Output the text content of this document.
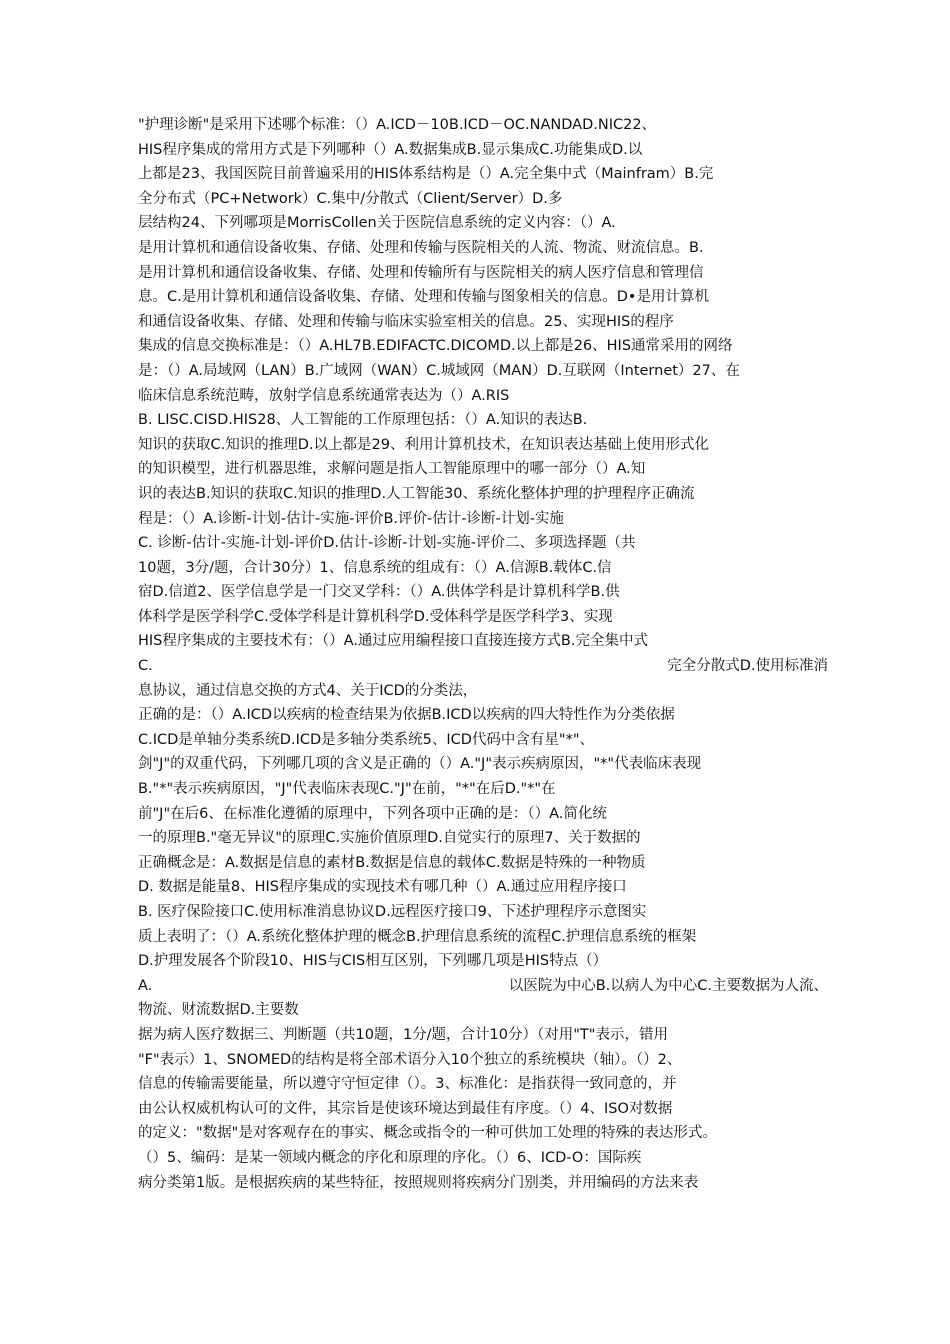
"护理诊断"是采用下述哪个标准：（）A.ICD－10B.ICD－OC.NANDAD.NIC22、
HIS程序集成的常用方式是下列哪种（）A.数据集成B.显示集成C.功能集成D.以
上都是23、我国医院目前普遍采用的HIS体系结构是（）A.完全集中式（Mainfram）B.完
全分布式（PC+Network）C.集中/分散式（Client/Server）D.多
层结构24、下列哪项是MorrisCollen关于医院信息系统的定义内容：（）A.
是用计算机和通信设备收集、存储、处理和传输与医院相关的人流、物流、财流信息。B.
是用计算机和通信设备收集、存储、处理和传输所有与医院相关的病人医疗信息和管理信
息。C.是用计算机和通信设备收集、存储、处理和传输与图象相关的信息。D•是用计算机
和通信设备收集、存储、处理和传输与临床实验室相关的信息。25、实现HIS的程序
集成的信息交换标准是：（）A.HL7B.EDIFACTC.DICOMD.以上都是26、HIS通常采用的网络
是：（）A.局域网（LAN）B.广域网（WAN）C.城域网（MAN）D.互联网（Internet）27、在
临床信息系统范畴，放射学信息系统通常表达为（）A.RIS
B. LISC.CISD.HIS28、人工智能的工作原理包括：（）A.知识的表达B.
知识的获取C.知识的推理D.以上都是29、利用计算机技术，在知识表达基础上使用形式化
的知识模型，进行机器思维，求解问题是指人工智能原理中的哪一部分（）A.知
识的表达B.知识的获取C.知识的推理D.人工智能30、系统化整体护理的护理程序正确流
程是：（）A.诊断-计划-估计-实施-评价B.评价-估计-诊断-计划-实施
C. 诊断-估计-实施-计划-评价D.估计-诊断-计划-实施-评价二、多项选择题（共
10题，3分/题，合计30分）1、信息系统的组成有：（）A.信源B.载体C.信
宿D.信道2、医学信息学是一门交叉学科：（）A.供体学科是计算机科学B.供
体科学是医学科学C.受体学科是计算机科学D.受体科学是医学科学3、实现
HIS程序集成的主要技术有：（）A.通过应用编程接口直接连接方式B.完全集中式
C.	完全分散式D.使用标准消
息协议，通过信息交换的方式4、关于ICD的分类法，
正确的是：（）A.ICD以疾病的检查结果为依据B.ICD以疾病的四大特性作为分类依据
C.ICD是单轴分类系统D.ICD是多轴分类系统5、ICD代码中含有星"*"、
剑"J"的双重代码，下列哪几项的含义是正确的（）A."J"表示疾病原因，"*"代表临床表现
B."*"表示疾病原因，"J"代表临床表现C."J"在前，"*"在后D."*"在
前"J"在后6、在标准化遵循的原理中，下列各项中正确的是：（）A.简化统
一的原理B."毫无异议"的原理C.实施价值原理D.自觉实行的原理7、关于数据的
正确概念是：A.数据是信息的素材B.数据是信息的载体C.数据是特殊的一种物质
D. 数据是能量8、HIS程序集成的实现技术有哪几种（）A.通过应用程序接口
B. 医疗保险接口C.使用标准消息协议D.远程医疗接口9、下述护理程序示意图实
质上表明了：（）A.系统化整体护理的概念B.护理信息系统的流程C.护理信息系统的框架
D.护理发展各个阶段10、HIS与CIS相互区别，下列哪几项是HIS特点（）
A.	以医院为中心B.以病人为中心C.主要数据为人流、
物流、财流数据D.主要数
据为病人医疗数据三、判断题（共10题，1分/题，合计10分）（对用"T"表示，错用
"F"表示）1、SNOMED的结构是将全部术语分入10个独立的系统模块（轴）。（）2、
信息的传输需要能量，所以遵守守恒定律（）。3、标准化：是指获得一致同意的，并
由公认权威机构认可的文件，其宗旨是使该环境达到最佳有序度。（）4、ISO对数据
的定义："数据"是对客观存在的事实、概念或指令的一种可供加工处理的特殊的表达形式。
（）5、编码：是某一领域内概念的序化和原理的序化。（）6、ICD-O：国际疾
病分类第1版。是根据疾病的某些特征，按照规则将疾病分门别类，并用编码的方法来表
